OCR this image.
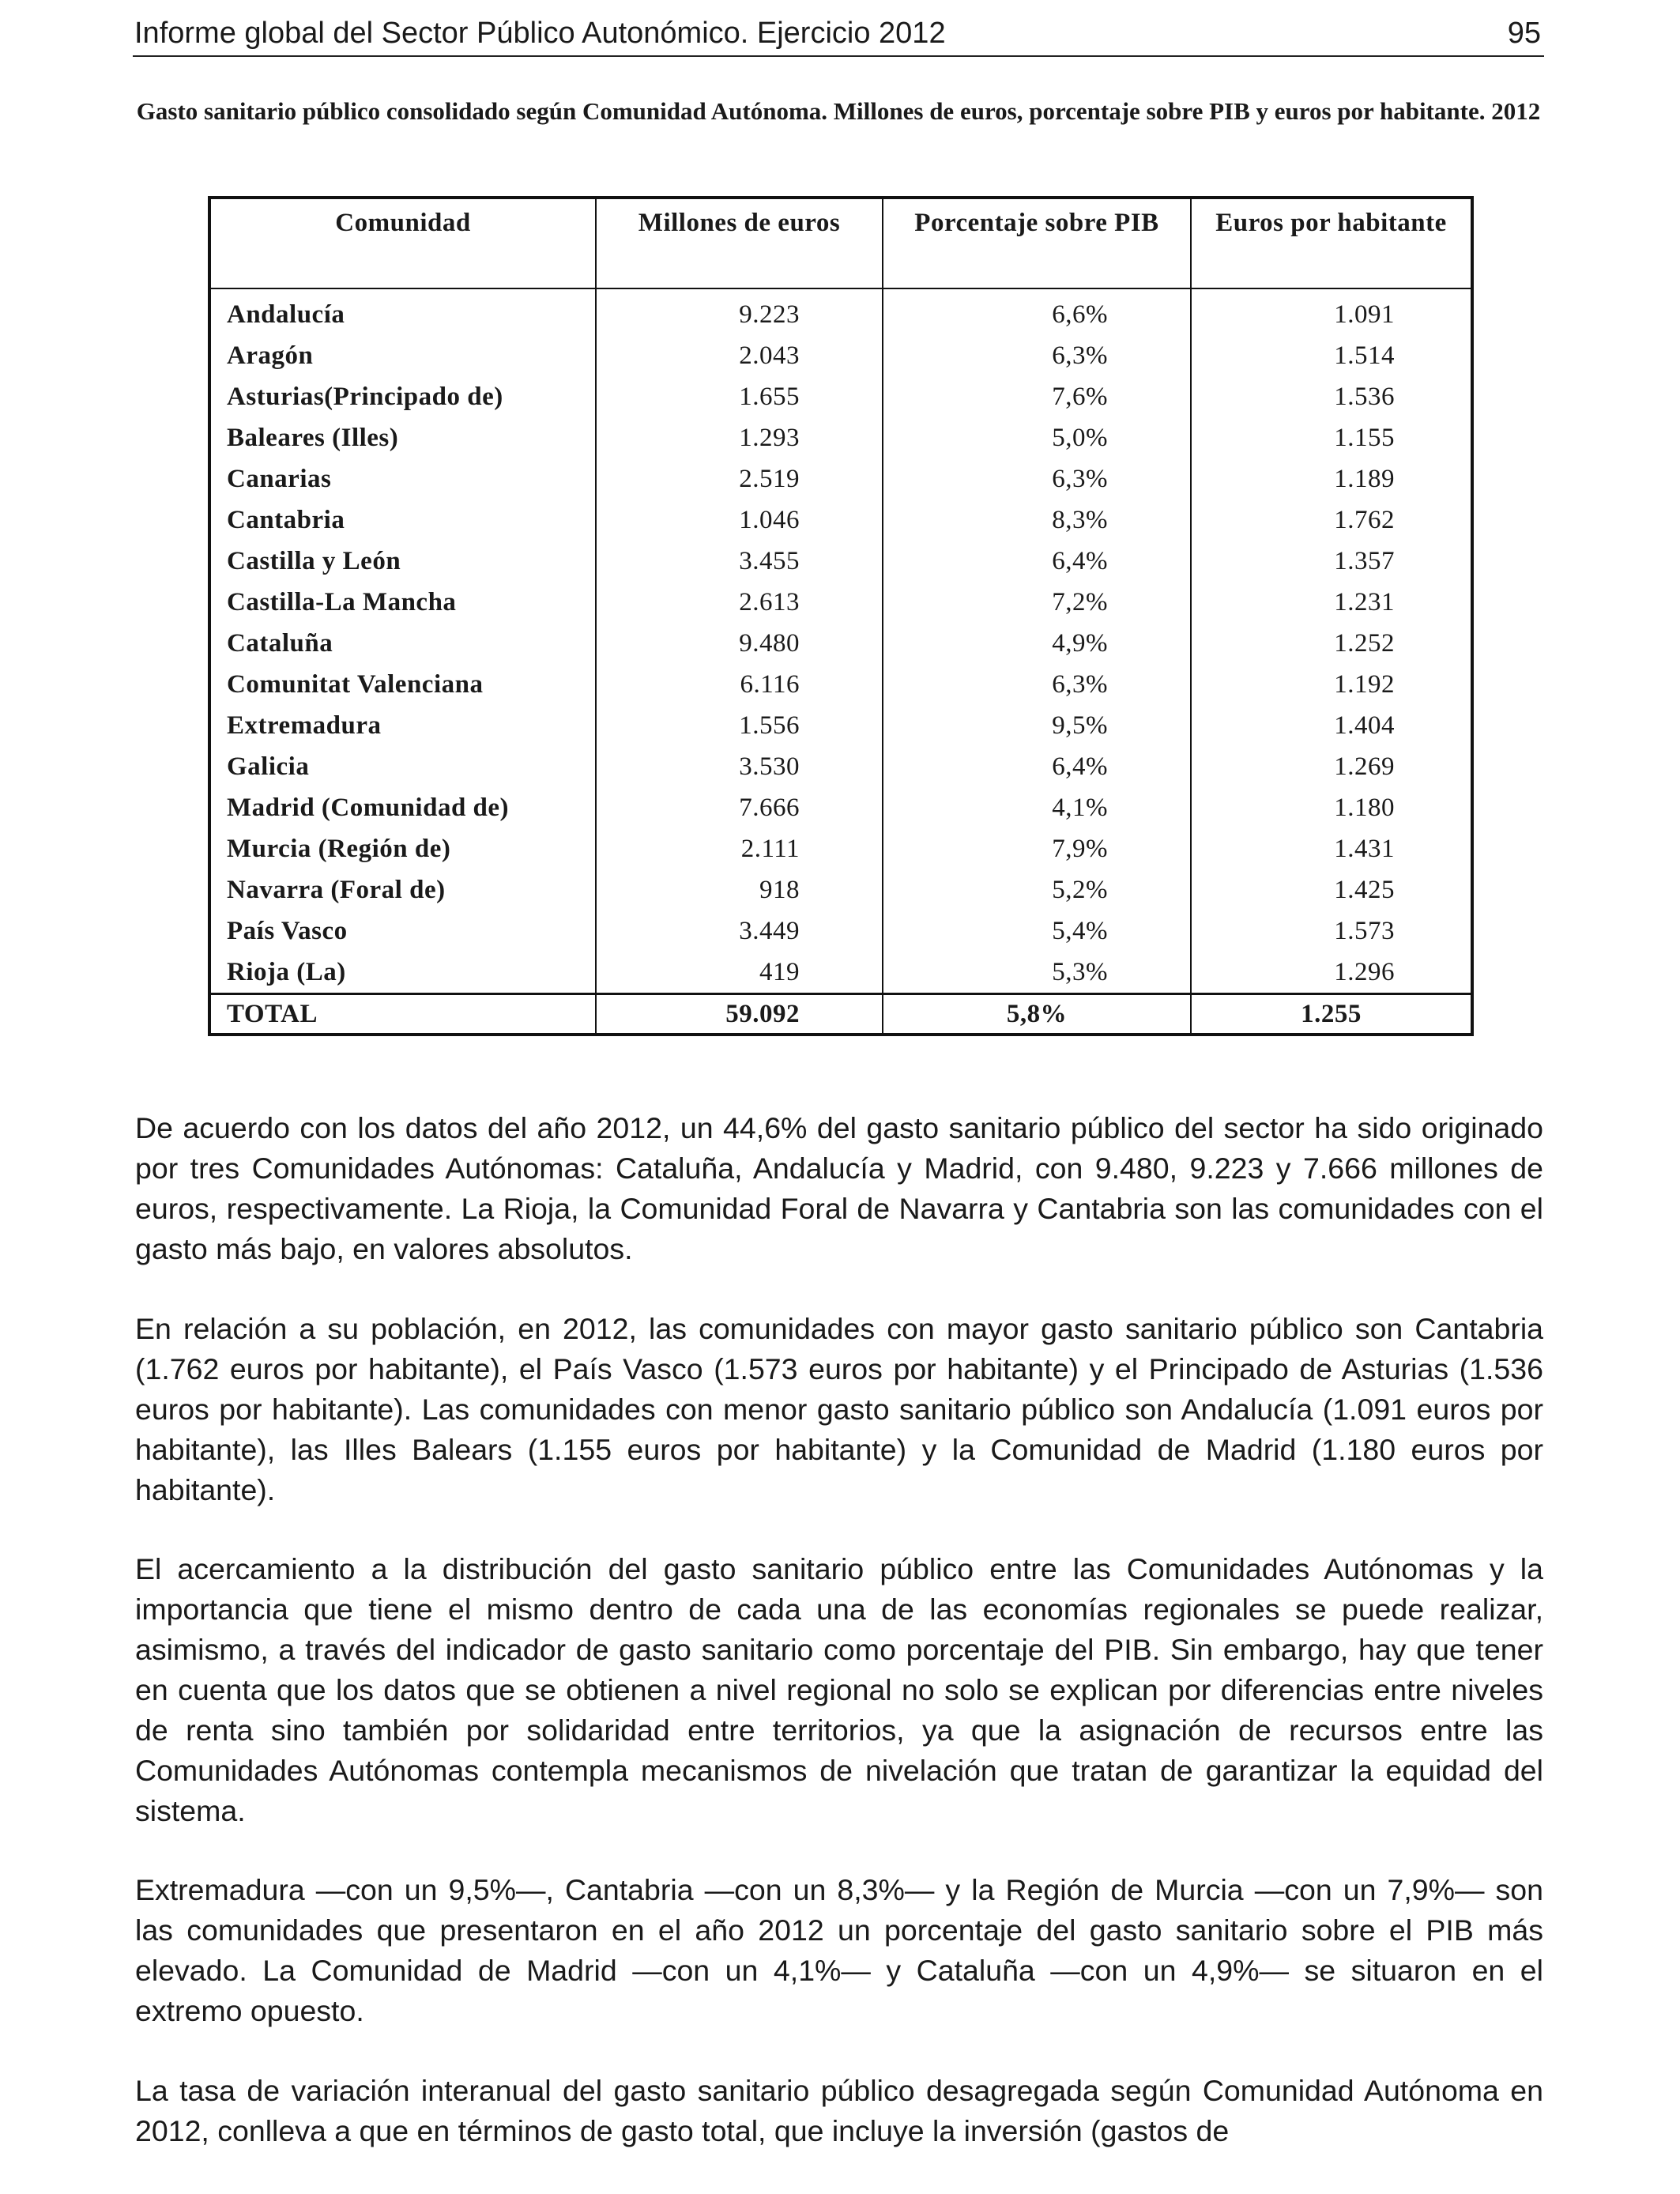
Informe global del Sector Público Autonómico. Ejercicio 2012	95
Gasto sanitario público consolidado según Comunidad Autónoma. Millones de euros, porcentaje sobre PIB y euros por habitante. 2012
Comunidad	Millones de euros	Porcentaje sobre PIB	Euros por habitante
Andalucía	9.223	6,6%	1.091
Aragón	2.043	6,3%	1.514
Asturias(Principado de)	1.655	7,6%	1.536
Baleares (Illes)	1.293	5,0%	1.155
Canarias	2.519	6,3%	1.189
Cantabria	1.046	8,3%	1.762
Castilla y León	3.455	6,4%	1.357
Castilla-La Mancha	2.613	7,2%	1.231
Cataluña	9.480	4,9%	1.252
Comunitat Valenciana	6.116	6,3%	1.192
Extremadura	1.556	9,5%	1.404
Galicia	3.530	6,4%	1.269
Madrid (Comunidad de)	7.666	4,1%	1.180
Murcia (Región de)	2.111	7,9%	1.431
Navarra (Foral de)	918	5,2%	1.425
País Vasco	3.449	5,4%	1.573
Rioja (La)	419	5,3%	1.296
TOTAL	59.092	5,8%	1.255

De acuerdo con los datos del año 2012, un 44,6% del gasto sanitario público del sector ha sido originado por tres Comunidades Autónomas: Cataluña, Andalucía y Madrid, con 9.480, 9.223 y 7.666 millones de euros, respectivamente. La Rioja, la Comunidad Foral de Navarra y Cantabria son las comunidades con el gasto más bajo, en valores absolutos.

En relación a su población, en 2012, las comunidades con mayor gasto sanitario público son Cantabria (1.762 euros por habitante), el País Vasco (1.573 euros por habitante) y el Principado de Asturias (1.536 euros por habitante). Las comunidades con menor gasto sanitario público son Andalucía (1.091 euros por habitante), las Illes Balears (1.155 euros por habitante) y la Comunidad de Madrid (1.180 euros por habitante).

El acercamiento a la distribución del gasto sanitario público entre las Comunidades Autónomas y la importancia que tiene el mismo dentro de cada una de las economías regionales se puede realizar, asimismo, a través del indicador de gasto sanitario como porcentaje del PIB. Sin embargo, hay que tener en cuenta que los datos que se obtienen a nivel regional no solo se explican por diferencias entre niveles de renta sino también por solidaridad entre territorios, ya que la asignación de recursos entre las Comunidades Autónomas contempla mecanismos de nivelación que tratan de garantizar la equidad del sistema.

Extremadura —con un 9,5%—, Cantabria —con un 8,3%— y la Región de Murcia —con un 7,9%— son las comunidades que presentaron en el año 2012 un porcentaje del gasto sanitario sobre el PIB más elevado. La Comunidad de Madrid —con un 4,1%— y Cataluña —con un 4,9%— se situaron en el extremo opuesto.

La tasa de variación interanual del gasto sanitario público desagregada según Comunidad Autónoma en 2012, conlleva a que en términos de gasto total, que incluye la inversión (gastos de
